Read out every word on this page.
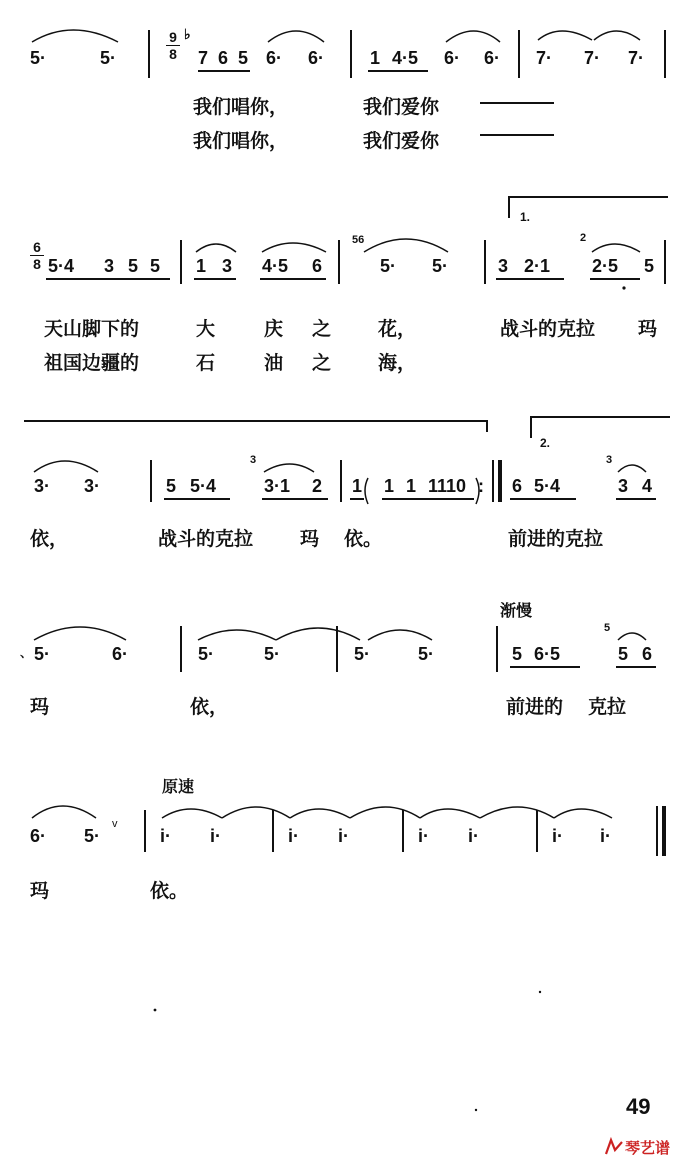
5·	5·
9
8
♭
7 6 5 6· 6·	1 4·5 6· 6· 7· 7· 7·
我们唱你，	我们爱你
我们唱你，	我们爱你
6
8 5·4 3 5 5 1 3 4·5 6
56
5· 5·
1.
3 2·1
2
2·5 5
天山脚下的	大	庆 之 花，	战斗的克拉 玛
祖国边疆的	石	油 之 海，
2.
3· 3·	5 5·4
3
3·1 2 1 1 1 1110 : 6 5·4
3
3 4
依，	战斗的克拉 玛 依。	前进的克拉
渐慢
、 5·	6·	5·	5·	5·	5·	5 6·5
5
5 6
玛	依，	前进的 克拉
原速
6· 5·
v
i· i·	i· i·	i· i·	i· i·
玛	依。
49
琴艺谱
